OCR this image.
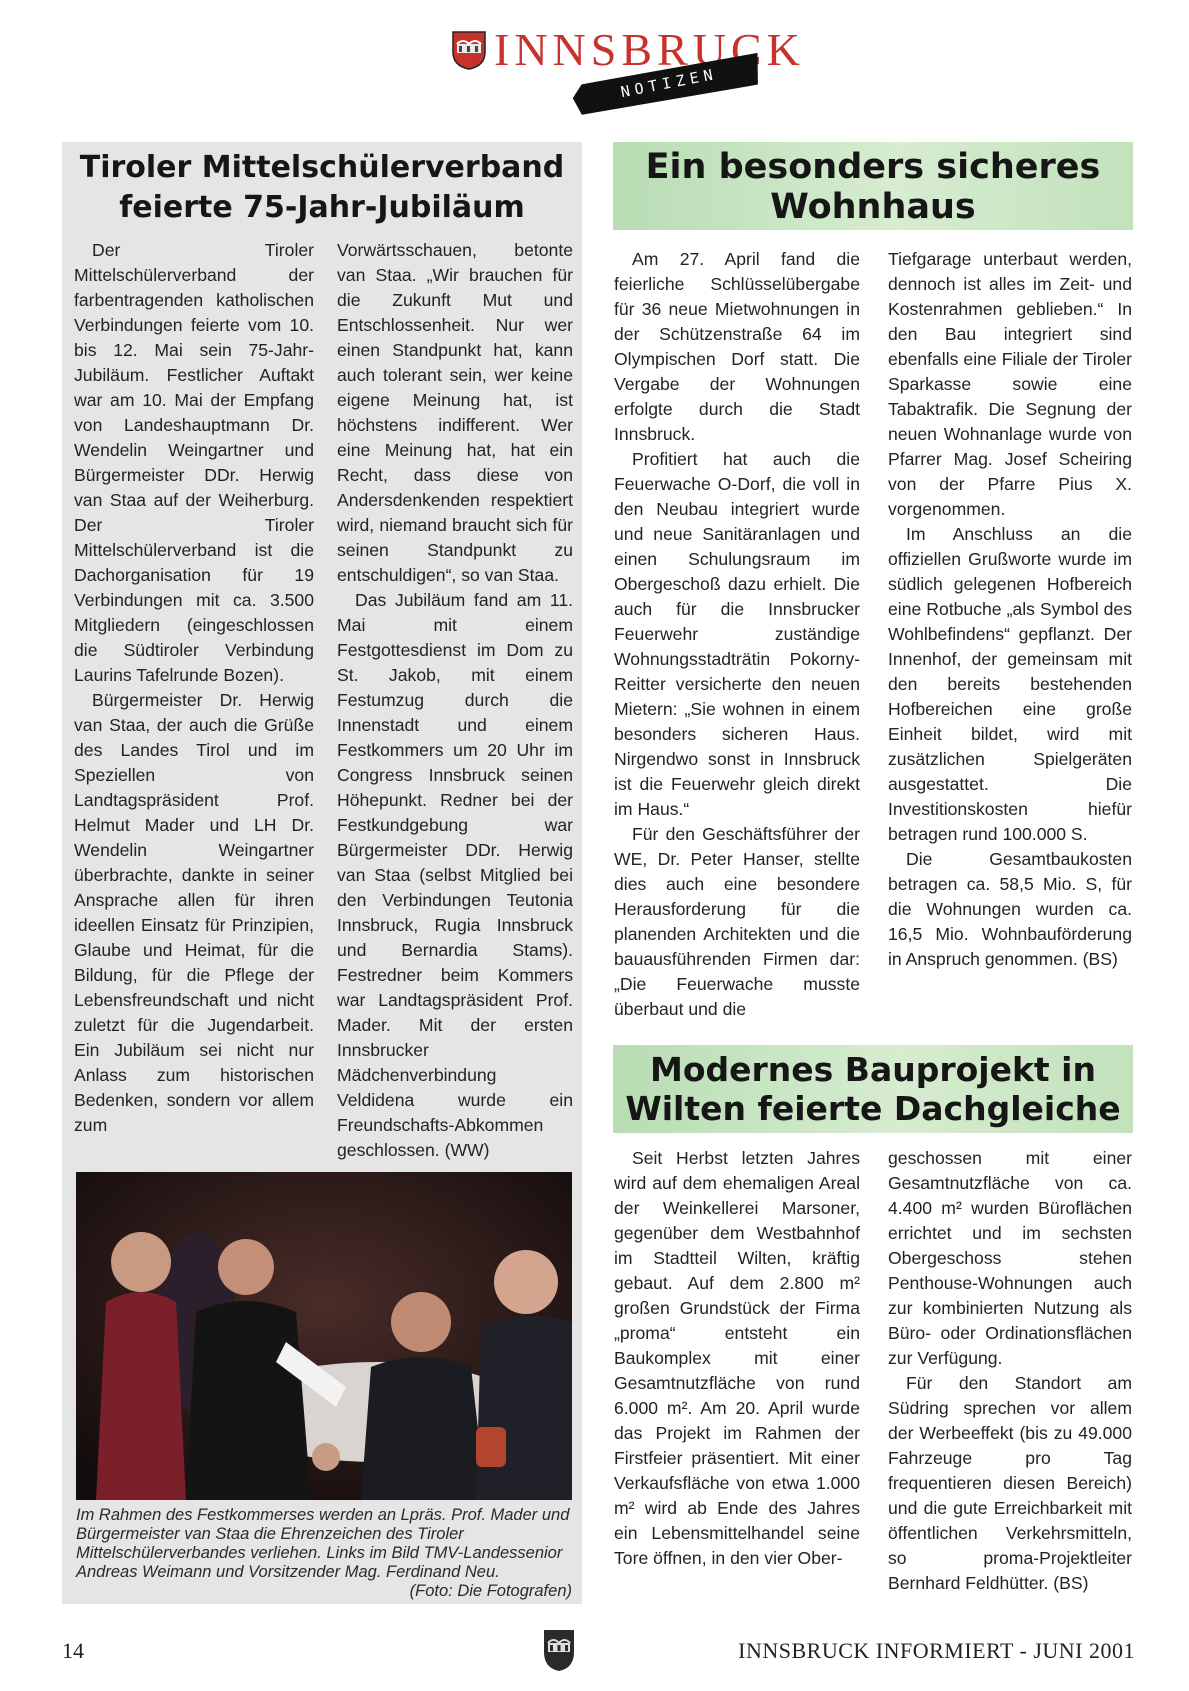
INNSBRUCK
NOTIZEN
Tiroler Mittelschülerverband
feierte 75-Jahr-Jubiläum

Der Tiroler Mittelschülerverband der farbentragenden katholischen Verbindungen feierte vom 10. bis 12. Mai sein 75-Jahr-Jubiläum. Festlicher Auftakt war am 10. Mai der Empfang von Landeshauptmann Dr. Wendelin Weingartner und Bürgermeister DDr. Herwig van Staa auf der Weiherburg. Der Tiroler Mittelschülerverband ist die Dachorganisation für 19 Verbindungen mit ca. 3.500 Mitgliedern (eingeschlossen die Südtiroler Verbindung Laurins Tafelrunde Bozen).

Bürgermeister Dr. Herwig van Staa, der auch die Grüße des Landes Tirol und im Speziellen von Landtagspräsident Prof. Helmut Mader und LH Dr. Wendelin Weingartner überbrachte, dankte in seiner Ansprache allen für ihren ideellen Einsatz für Prinzipien, Glaube und Heimat, für die Bildung, für die Pflege der Lebensfreundschaft und nicht zuletzt für die Jugendarbeit. Ein Jubiläum sei nicht nur Anlass zum historischen Bedenken, sondern vor allem zum

Vorwärtsschauen, betonte van Staa. „Wir brauchen für die Zukunft Mut und Entschlossenheit. Nur wer einen Standpunkt hat, kann auch tolerant sein, wer keine eigene Meinung hat, ist höchstens indifferent. Wer eine Meinung hat, hat ein Recht, dass diese von Andersdenkenden respektiert wird, niemand braucht sich für seinen Standpunkt zu entschuldigen“, so van Staa.

Das Jubiläum fand am 11. Mai mit einem Festgottesdienst im Dom zu St. Jakob, mit einem Festumzug durch die Innenstadt und einem Festkommers um 20 Uhr im Congress Innsbruck seinen Höhepunkt. Redner bei der Festkundgebung war Bürgermeister DDr. Herwig van Staa (selbst Mitglied bei den Verbindungen Teutonia Innsbruck, Rugia Innsbruck und Bernardia Stams). Festredner beim Kommers war Landtagspräsident Prof. Mader. Mit der ersten Innsbrucker Mädchenverbindung Veldidena wurde ein Freundschafts-Abkommen geschlossen. (WW)

Im Rahmen des Festkommerses werden an Lpräs. Prof. Mader und Bürgermeister van Staa die Ehrenzeichen des Tiroler Mittelschülerverbandes verliehen. Links im Bild TMV-Landessenior Andreas Weimann und Vorsitzender Mag. Ferdinand Neu.
(Foto: Die Fotografen)
Ein besonders sicheres
Wohnhaus

Am 27. April fand die feierliche Schlüsselübergabe für 36 neue Mietwohnungen in der Schützenstraße 64 im Olympischen Dorf statt. Die Vergabe der Wohnungen erfolgte durch die Stadt Innsbruck.

Profitiert hat auch die Feuerwache O-Dorf, die voll in den Neubau integriert wurde und neue Sanitäranlagen und einen Schulungsraum im Obergeschoß dazu erhielt. Die auch für die Innsbrucker Feuerwehr zuständige Wohnungsstadträtin Pokorny-Reitter versicherte den neuen Mietern: „Sie wohnen in einem besonders sicheren Haus. Nirgendwo sonst in Innsbruck ist die Feuerwehr gleich direkt im Haus.“

Für den Geschäftsführer der WE, Dr. Peter Hanser, stellte dies auch eine besondere Herausforderung für die planenden Architekten und die bauausführenden Firmen dar: „Die Feuerwache musste überbaut und die

Tiefgarage unterbaut werden, dennoch ist alles im Zeit- und Kostenrahmen geblieben.“ In den Bau integriert sind ebenfalls eine Filiale der Tiroler Sparkasse sowie eine Tabaktrafik. Die Segnung der neuen Wohnanlage wurde von Pfarrer Mag. Josef Scheiring von der Pfarre Pius X. vorgenommen.

Im Anschluss an die offiziellen Grußworte wurde im südlich gelegenen Hofbereich eine Rotbuche „als Symbol des Wohlbefindens“ gepflanzt. Der Innenhof, der gemeinsam mit den bereits bestehenden Hofbereichen eine große Einheit bildet, wird mit zusätzlichen Spielgeräten ausgestattet. Die Investitionskosten hiefür betragen rund 100.000 S.

Die Gesamtbaukosten betragen ca. 58,5 Mio. S, für die Wohnungen wurden ca. 16,5 Mio. Wohnbauförderung in Anspruch genommen. (BS)

Modernes Bauprojekt in
Wilten feierte Dachgleiche

Seit Herbst letzten Jahres wird auf dem ehemaligen Areal der Weinkellerei Marsoner, gegenüber dem Westbahnhof im Stadtteil Wilten, kräftig gebaut. Auf dem 2.800 m² großen Grundstück der Firma „proma“ entsteht ein Baukomplex mit einer Gesamtnutzfläche von rund 6.000 m². Am 20. April wurde das Projekt im Rahmen der Firstfeier präsentiert. Mit einer Verkaufsfläche von etwa 1.000 m² wird ab Ende des Jahres ein Lebensmittelhandel seine Tore öffnen, in den vier Ober-

geschossen mit einer Gesamtnutzfläche von ca. 4.400 m² wurden Büroflächen errichtet und im sechsten Obergeschoss stehen Penthouse-Wohnungen auch zur kombinierten Nutzung als Büro- oder Ordinationsflächen zur Verfügung.

Für den Standort am Südring sprechen vor allem der Werbeeffekt (bis zu 49.000 Fahrzeuge pro Tag frequentieren diesen Bereich) und die gute Erreichbarkeit mit öffentlichen Verkehrsmitteln, so proma-Projektleiter Bernhard Feldhütter. (BS)

14	INNSBRUCK INFORMIERT - JUNI 2001
